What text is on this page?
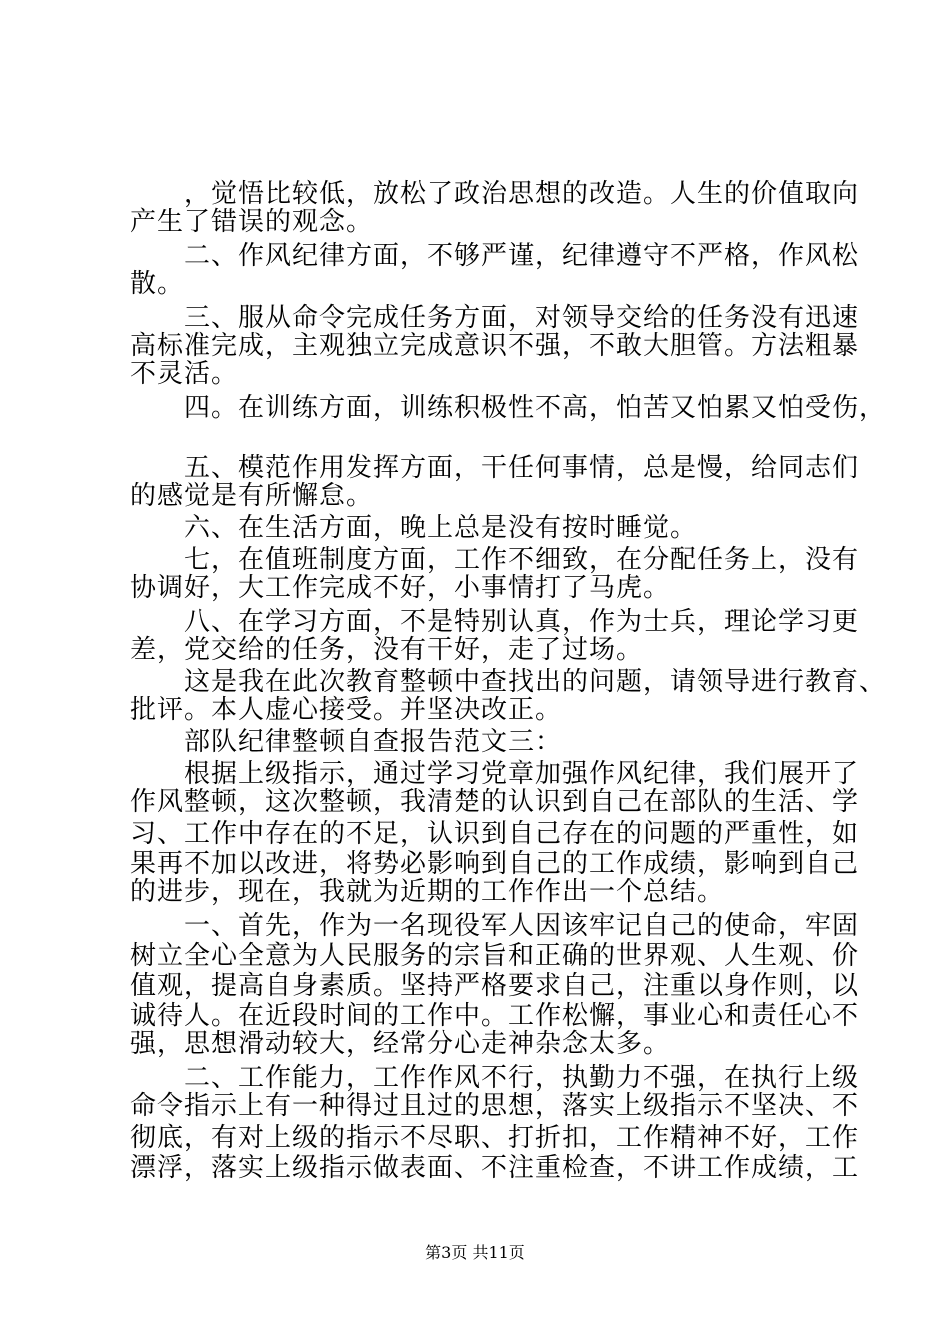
　　，觉悟比较低，放松了政治思想的改造。人生的价值取向
产生了错误的观念。
　　二、作风纪律方面，不够严谨，纪律遵守不严格，作风松
散。
　　三、服从命令完成任务方面，对领导交给的任务没有迅速
高标准完成，主观独立完成意识不强，不敢大胆管。方法粗暴
不灵活。
　　四。在训练方面，训练积极性不高，怕苦又怕累又怕受伤，
　　五、模范作用发挥方面，干任何事情，总是慢，给同志们
的感觉是有所懈怠。
　　六、在生活方面，晚上总是没有按时睡觉。
　　七，在值班制度方面，工作不细致，在分配任务上，没有
协调好，大工作完成不好，小事情打了马虎。
　　八、在学习方面，不是特别认真，作为士兵，理论学习更
差，党交给的任务，没有干好，走了过场。
　　这是我在此次教育整顿中查找出的问题，请领导进行教育、
批评。本人虚心接受。并坚决改正。
　　部队纪律整顿自查报告范文三：
　　根据上级指示，通过学习党章加强作风纪律，我们展开了
作风整顿，这次整顿，我清楚的认识到自己在部队的生活、学
习、工作中存在的不足，认识到自己存在的问题的严重性，如
果再不加以改进，将势必影响到自己的工作成绩，影响到自己
的进步，现在，我就为近期的工作作出一个总结。
　　一、首先，作为一名现役军人因该牢记自己的使命，牢固
树立全心全意为人民服务的宗旨和正确的世界观、人生观、价
值观，提高自身素质。坚持严格要求自己，注重以身作则，以
诚待人。在近段时间的工作中。工作松懈，事业心和责任心不
强，思想滑动较大，经常分心走神杂念太多。
　　二、工作能力，工作作风不行，执勤力不强，在执行上级
命令指示上有一种得过且过的思想，落实上级指示不坚决、不
彻底，有对上级的指示不尽职、打折扣，工作精神不好，工作
漂浮，落实上级指示做表面、不注重检查，不讲工作成绩，工
第3页 共11页
